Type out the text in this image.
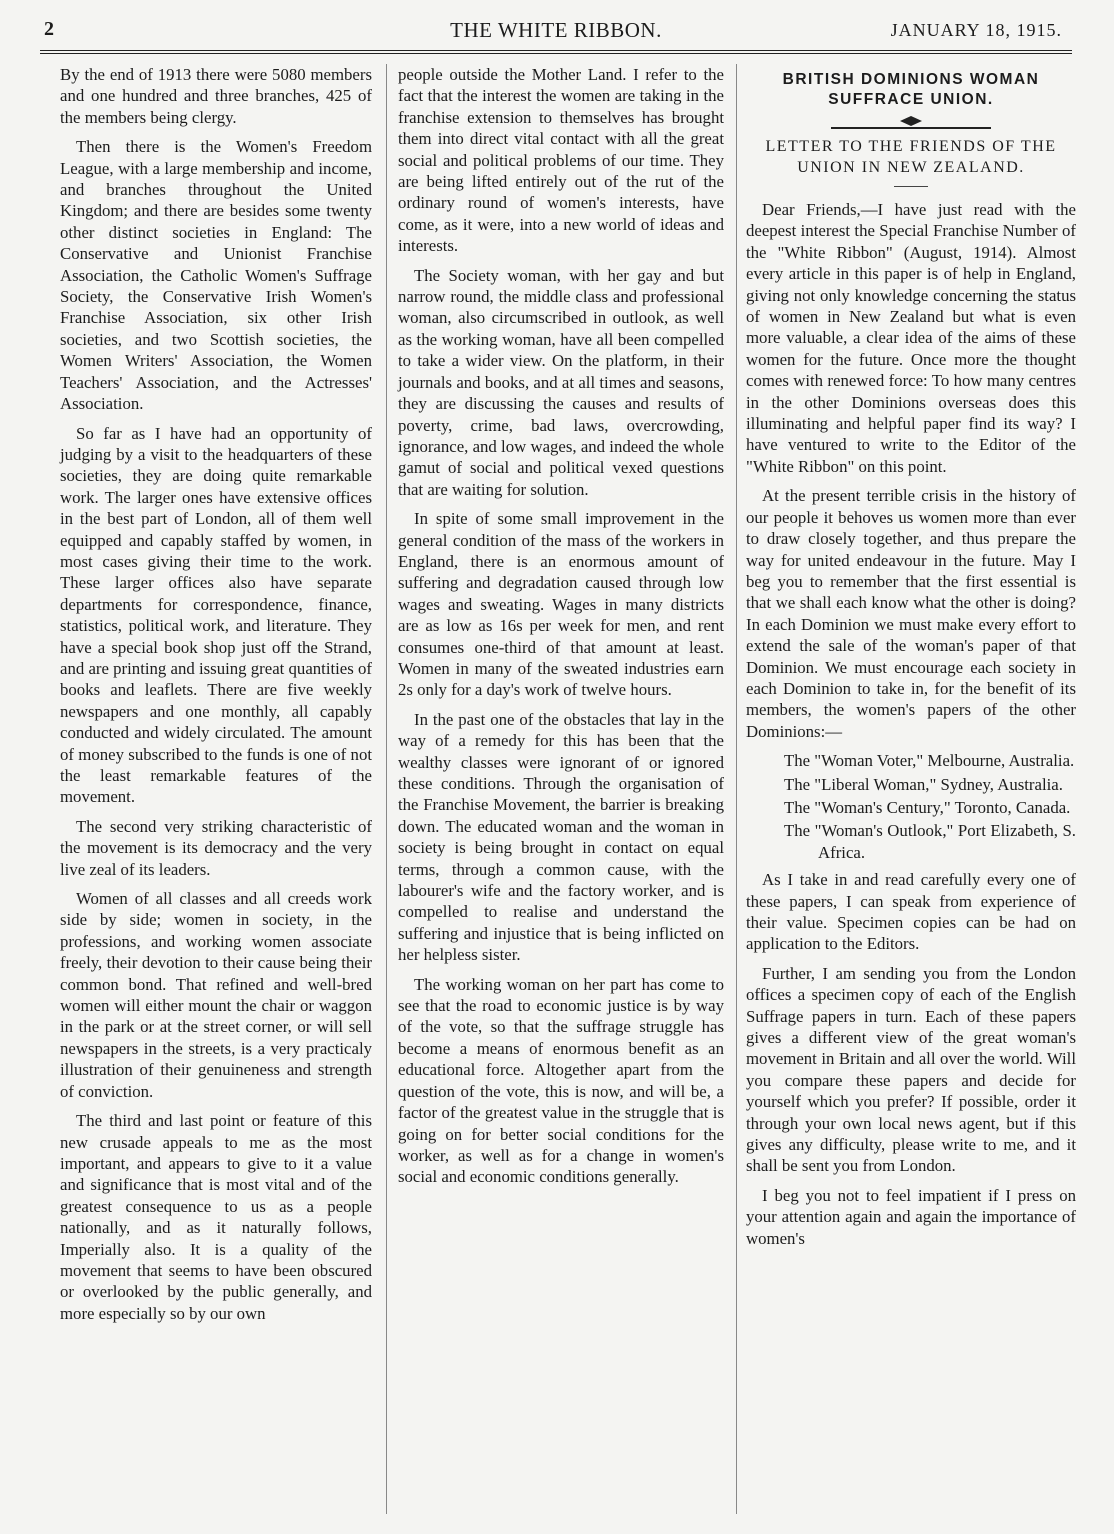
2	THE WHITE RIBBON.	JANUARY 18, 1915.

By the end of 1913 there were 5080 members and one hundred and three branches, 425 of the members being clergy.

Then there is the Women's Freedom League, with a large membership and income, and branches throughout the United Kingdom; and there are besides some twenty other distinct societies in England: The Conservative and Unionist Franchise Association, the Catholic Women's Suffrage Society, the Conservative Irish Women's Franchise Association, six other Irish societies, and two Scottish societies, the Women Writers' Association, the Women Teachers' Association, and the Actresses' Association.

So far as I have had an opportunity of judging by a visit to the headquarters of these societies, they are doing quite remarkable work. The larger ones have extensive offices in the best part of London, all of them well equipped and capably staffed by women, in most cases giving their time to the work. These larger offices also have separate departments for correspondence, finance, statistics, political work, and literature. They have a special book shop just off the Strand, and are printing and issuing great quantities of books and leaflets. There are five weekly newspapers and one monthly, all capably conducted and widely circulated. The amount of money subscribed to the funds is one of not the least remarkable features of the movement.

The second very striking characteristic of the movement is its democracy and the very live zeal of its leaders.

Women of all classes and all creeds work side by side; women in society, in the professions, and working women associate freely, their devotion to their cause being their common bond. That refined and well-bred women will either mount the chair or waggon in the park or at the street corner, or will sell newspapers in the streets, is a very practicaly illustration of their genuineness and strength of conviction.

The third and last point or feature of this new crusade appeals to me as the most important, and appears to give to it a value and significance that is most vital and of the greatest consequence to us as a people nationally, and as it naturally follows, Imperially also. It is a quality of the movement that seems to have been obscured or overlooked by the public generally, and more especially so by our own

people outside the Mother Land. I refer to the fact that the interest the women are taking in the franchise extension to themselves has brought them into direct vital contact with all the great social and political problems of our time. They are being lifted entirely out of the rut of the ordinary round of women's interests, have come, as it were, into a new world of ideas and interests.

The Society woman, with her gay and but narrow round, the middle class and professional woman, also circumscribed in outlook, as well as the working woman, have all been compelled to take a wider view. On the platform, in their journals and books, and at all times and seasons, they are discussing the causes and results of poverty, crime, bad laws, overcrowding, ignorance, and low wages, and indeed the whole gamut of social and political vexed questions that are waiting for solution.

In spite of some small improvement in the general condition of the mass of the workers in England, there is an enormous amount of suffering and degradation caused through low wages and sweating. Wages in many districts are as low as 16s per week for men, and rent consumes one-third of that amount at least. Women in many of the sweated industries earn 2s only for a day's work of twelve hours.

In the past one of the obstacles that lay in the way of a remedy for this has been that the wealthy classes were ignorant of or ignored these conditions. Through the organisation of the Franchise Movement, the barrier is breaking down. The educated woman and the woman in society is being brought in contact on equal terms, through a common cause, with the labourer's wife and the factory worker, and is compelled to realise and understand the suffering and injustice that is being inflicted on her helpless sister.

The working woman on her part has come to see that the road to economic justice is by way of the vote, so that the suffrage struggle has become a means of enormous benefit as an educational force. Altogether apart from the question of the vote, this is now, and will be, a factor of the greatest value in the struggle that is going on for better social conditions for the worker, as well as for a change in women's social and economic conditions generally.

BRITISH DOMINIONS WOMAN SUFFRACE UNION.

LETTER TO THE FRIENDS OF THE UNION IN NEW ZEALAND.

Dear Friends,—I have just read with the deepest interest the Special Franchise Number of the "White Ribbon" (August, 1914). Almost every article in this paper is of help in England, giving not only knowledge concerning the status of women in New Zealand but what is even more valuable, a clear idea of the aims of these women for the future. Once more the thought comes with renewed force: To how many centres in the other Dominions overseas does this illuminating and helpful paper find its way? I have ventured to write to the Editor of the "White Ribbon" on this point.

At the present terrible crisis in the history of our people it behoves us women more than ever to draw closely together, and thus prepare the way for united endeavour in the future. May I beg you to remember that the first essential is that we shall each know what the other is doing? In each Dominion we must make every effort to extend the sale of the woman's paper of that Dominion. We must encourage each society in each Dominion to take in, for the benefit of its members, the women's papers of the other Dominions:—

The "Woman Voter," Melbourne, Australia.
The "Liberal Woman," Sydney, Australia.
The "Woman's Century," Toronto, Canada.
The "Woman's Outlook," Port Elizabeth, S. Africa.

As I take in and read carefully every one of these papers, I can speak from experience of their value. Specimen copies can be had on application to the Editors.

Further, I am sending you from the London offices a specimen copy of each of the English Suffrage papers in turn. Each of these papers gives a different view of the great woman's movement in Britain and all over the world. Will you compare these papers and decide for yourself which you prefer? If possible, order it through your own local news agent, but if this gives any difficulty, please write to me, and it shall be sent you from London.

I beg you not to feel impatient if I press on your attention again and again the importance of women's
